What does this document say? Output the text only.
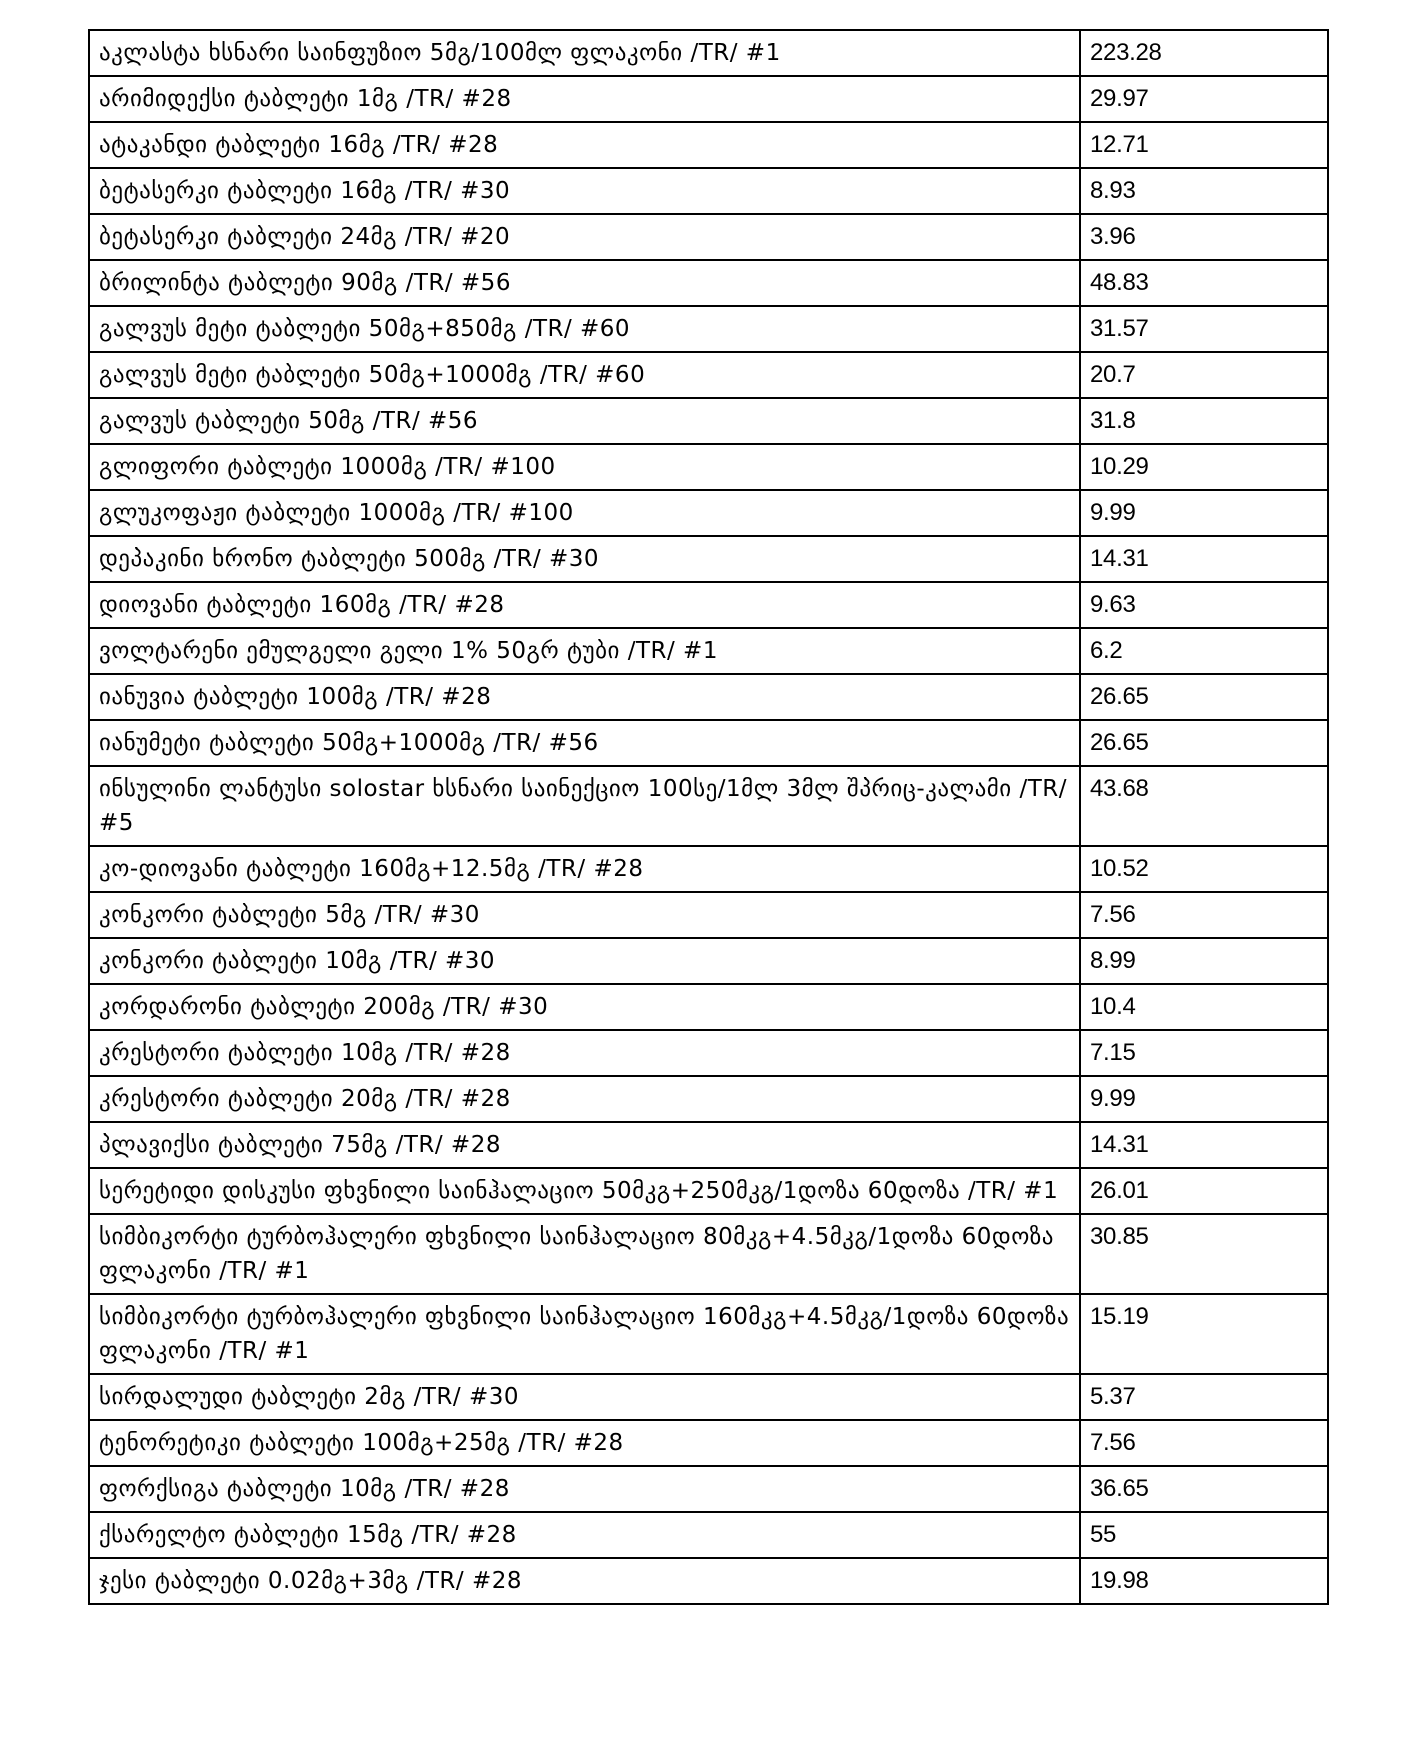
აკლასტა ხსნარი საინფუზიო 5მგ/100მლ ფლაკონი /TR/ #1	223.28
არიმიდექსი ტაბლეტი 1მგ /TR/ #28	29.97
ატაკანდი ტაბლეტი 16მგ /TR/ #28	12.71
ბეტასერკი ტაბლეტი 16მგ /TR/ #30	8.93
ბეტასერკი ტაბლეტი 24მგ /TR/ #20	3.96
ბრილინტა ტაბლეტი 90მგ /TR/ #56	48.83
გალვუს მეტი ტაბლეტი 50მგ+850მგ /TR/ #60	31.57
გალვუს მეტი ტაბლეტი 50მგ+1000მგ /TR/ #60	20.7
გალვუს ტაბლეტი 50მგ /TR/ #56	31.8
გლიფორი ტაბლეტი 1000მგ /TR/ #100	10.29
გლუკოფაჟი ტაბლეტი 1000მგ /TR/ #100	9.99
დეპაკინი ხრონო ტაბლეტი 500მგ /TR/ #30	14.31
დიოვანი ტაბლეტი 160მგ /TR/ #28	9.63
ვოლტარენი ემულგელი გელი 1% 50გრ ტუბი /TR/ #1	6.2
იანუვია ტაბლეტი 100მგ /TR/ #28	26.65
იანუმეტი ტაბლეტი 50მგ+1000მგ /TR/ #56	26.65
ინსულინი ლანტუსი solostar ხსნარი საინექციო 100სე/1მლ 3მლ შპრიც-კალამი /TR/ #5	43.68
კო-დიოვანი ტაბლეტი 160მგ+12.5მგ /TR/ #28	10.52
კონკორი ტაბლეტი 5მგ /TR/ #30	7.56
კონკორი ტაბლეტი 10მგ /TR/ #30	8.99
კორდარონი ტაბლეტი 200მგ /TR/ #30	10.4
კრესტორი ტაბლეტი 10მგ /TR/ #28	7.15
კრესტორი ტაბლეტი 20მგ /TR/ #28	9.99
პლავიქსი ტაბლეტი 75მგ /TR/ #28	14.31
სერეტიდი დისკუსი ფხვნილი საინჰალაციო 50მკგ+250მკგ/1დოზა 60დოზა /TR/ #1	26.01
სიმბიკორტი ტურბოჰალერი ფხვნილი საინჰალაციო 80მკგ+4.5მკგ/1დოზა 60დოზა ფლაკონი /TR/ #1	30.85
სიმბიკორტი ტურბოჰალერი ფხვნილი საინჰალაციო 160მკგ+4.5მკგ/1დოზა 60დოზა ფლაკონი /TR/ #1	15.19
სირდალუდი ტაბლეტი 2მგ /TR/ #30	5.37
ტენორეტიკი ტაბლეტი 100მგ+25მგ /TR/ #28	7.56
ფორქსიგა ტაბლეტი 10მგ /TR/ #28	36.65
ქსარელტო ტაბლეტი 15მგ /TR/ #28	55
ჯესი ტაბლეტი 0.02მგ+3მგ /TR/ #28	19.98
